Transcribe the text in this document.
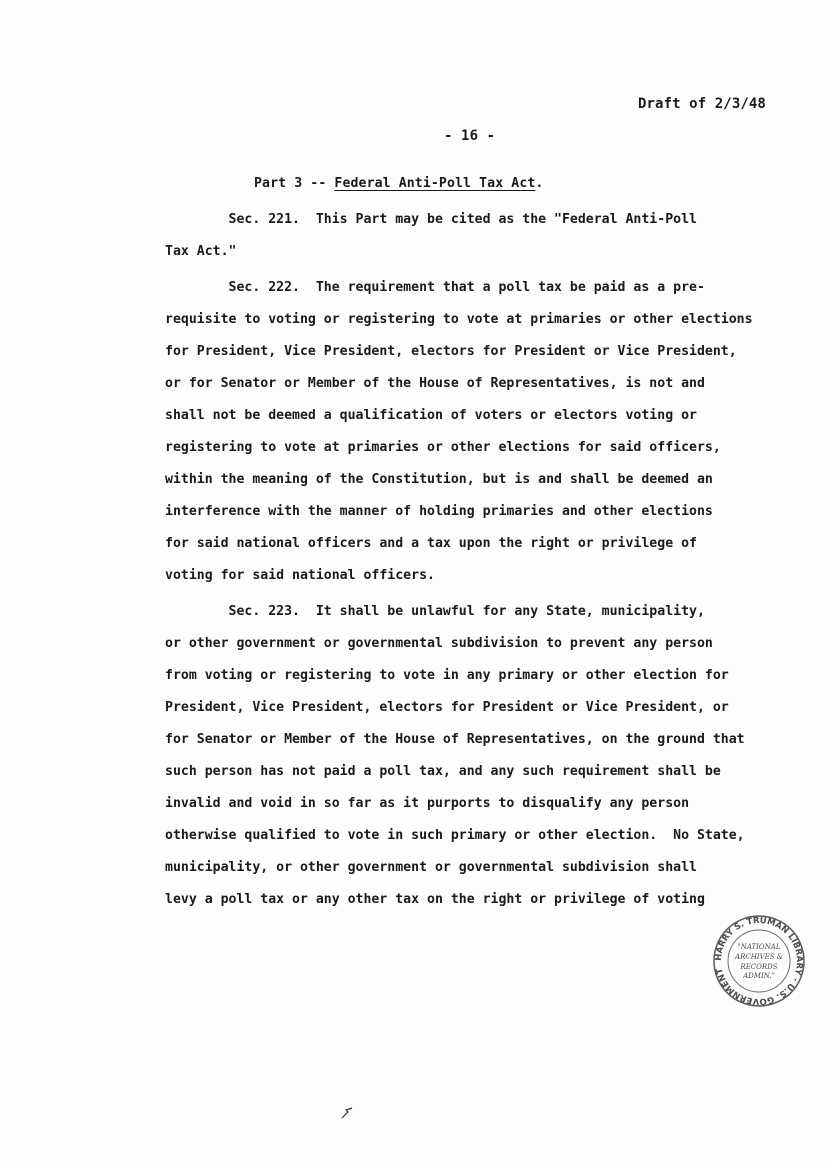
Draft of 2/3/48
- 16 -
Part 3 -- Federal Anti-Poll Tax Act.
Sec. 221.  This Part may be cited as the "Federal Anti-Poll
Tax Act."
Sec. 222.  The requirement that a poll tax be paid as a pre-
requisite to voting or registering to vote at primaries or other elections
for President, Vice President, electors for President or Vice President,
or for Senator or Member of the House of Representatives, is not and
shall not be deemed a qualification of voters or electors voting or
registering to vote at primaries or other elections for said officers,
within the meaning of the Constitution, but is and shall be deemed an
interference with the manner of holding primaries and other elections
for said national officers and a tax upon the right or privilege of
voting for said national officers.
Sec. 223.  It shall be unlawful for any State, municipality,
or other government or governmental subdivision to prevent any person
from voting or registering to vote in any primary or other election for
President, Vice President, electors for President or Vice President, or
for Senator or Member of the House of Representatives, on the ground that
such person has not paid a poll tax, and any such requirement shall be
invalid and void in so far as it purports to disqualify any person
otherwise qualified to vote in such primary or other election.  No State,
municipality, or other government or governmental subdivision shall
levy a poll tax or any other tax on the right or privilege of voting
HARRY S. TRUMAN LIBRARY · U.S. GOVERNMENT
"NATIONAL
ARCHIVES &
RECORDS
ADMIN."
